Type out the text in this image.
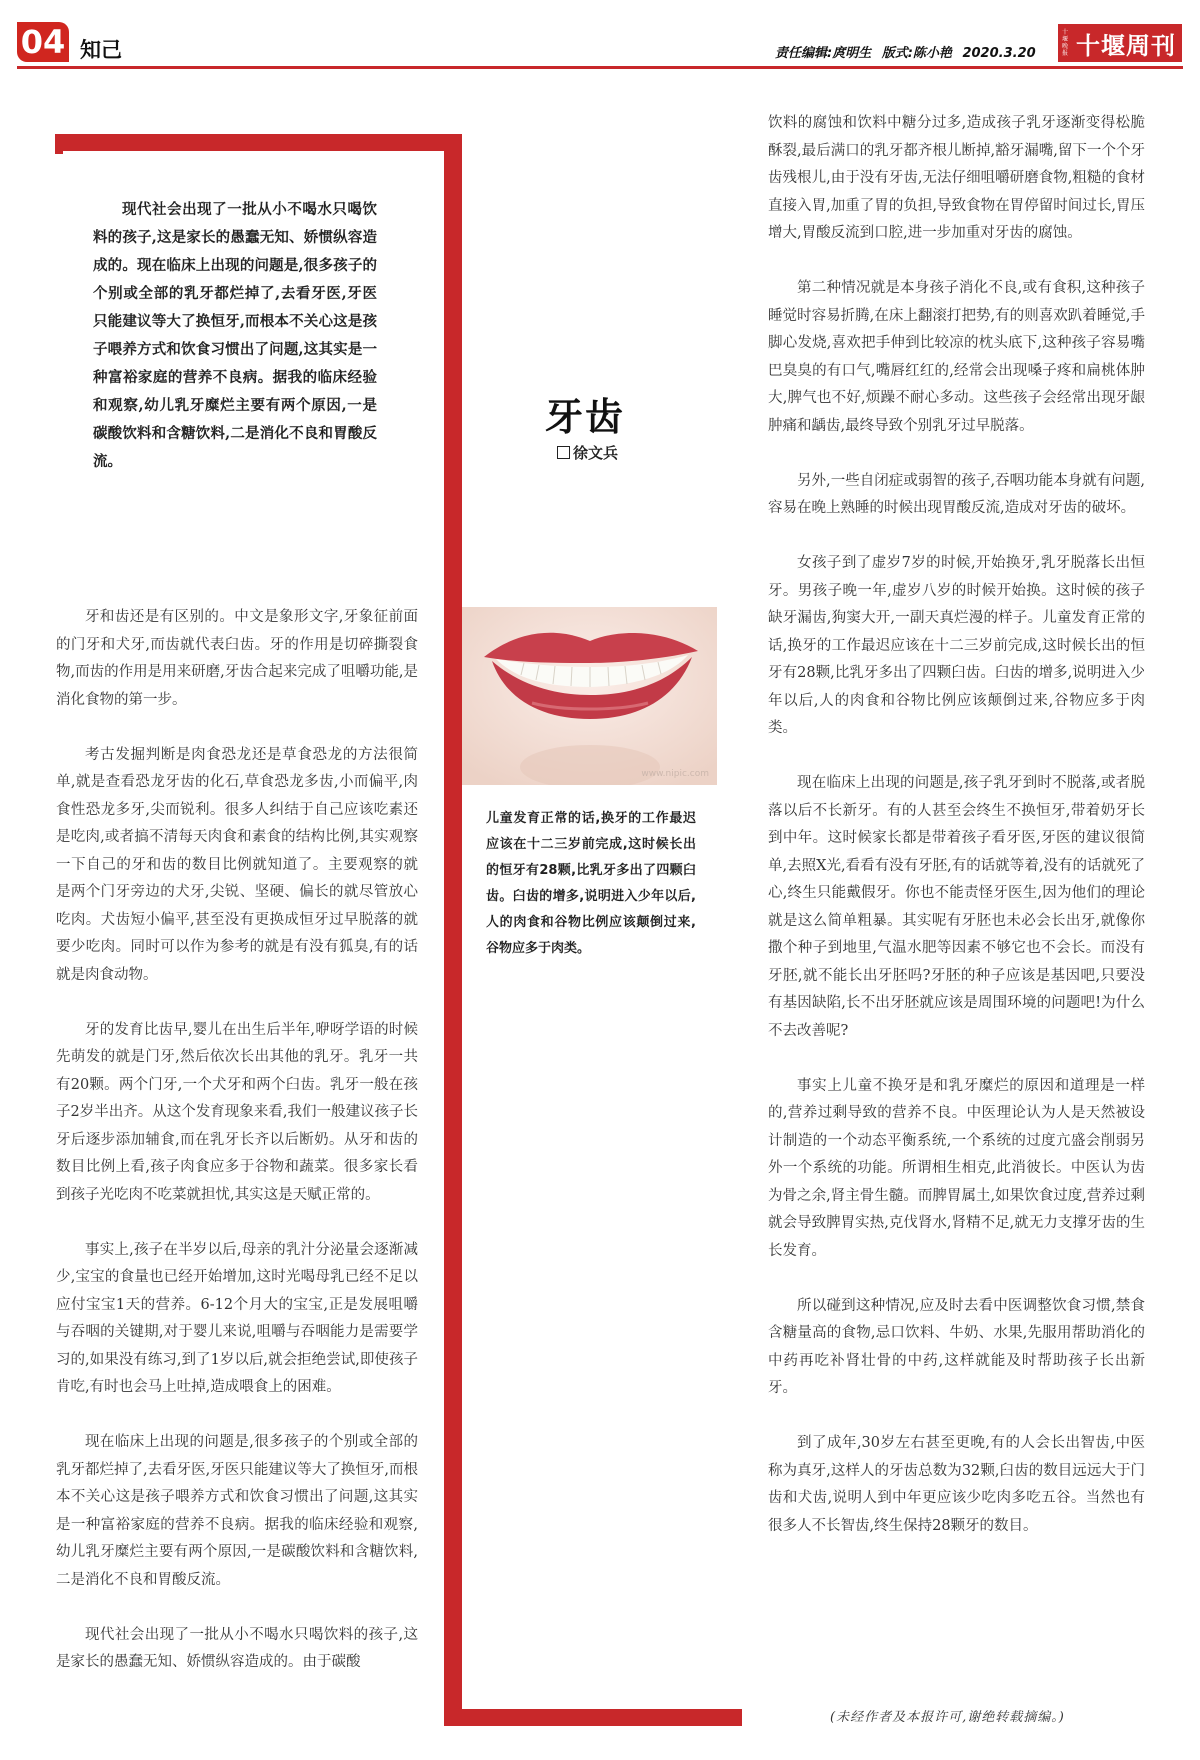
04 知己	责任编辑:庹明生 版式:陈小艳 2020.3.20
十堰晚报 十堰周刊

现代社会出现了一批从小不喝水只喝饮料的孩子,这是家长的愚蠢无知、娇惯纵容造成的。现在临床上出现的问题是,很多孩子的个别或全部的乳牙都烂掉了,去看牙医,牙医只能建议等大了换恒牙,而根本不关心这是孩子喂养方式和饮食习惯出了问题,这其实是一种富裕家庭的营养不良病。据我的临床经验和观察,幼儿乳牙糜烂主要有两个原因,一是碳酸饮料和含糖饮料,二是消化不良和胃酸反流。

牙齿
徐文兵
www.nipic.com

儿童发育正常的话,换牙的工作最迟应该在十二三岁前完成,这时候长出的恒牙有28颗,比乳牙多出了四颗臼齿。臼齿的增多,说明进入少年以后,人的肉食和谷物比例应该颠倒过来,谷物应多于肉类。

牙和齿还是有区别的。中文是象形文字,牙象征前面的门牙和犬牙,而齿就代表臼齿。牙的作用是切碎撕裂食物,而齿的作用是用来研磨,牙齿合起来完成了咀嚼功能,是消化食物的第一步。

考古发掘判断是肉食恐龙还是草食恐龙的方法很简单,就是查看恐龙牙齿的化石,草食恐龙多齿,小而偏平,肉食性恐龙多牙,尖而锐利。很多人纠结于自己应该吃素还是吃肉,或者搞不清每天肉食和素食的结构比例,其实观察一下自己的牙和齿的数目比例就知道了。主要观察的就是两个门牙旁边的犬牙,尖锐、坚硬、偏长的就尽管放心吃肉。犬齿短小偏平,甚至没有更换成恒牙过早脱落的就要少吃肉。同时可以作为参考的就是有没有狐臭,有的话就是肉食动物。

牙的发育比齿早,婴儿在出生后半年,咿呀学语的时候先萌发的就是门牙,然后依次长出其他的乳牙。乳牙一共有20颗。两个门牙,一个犬牙和两个臼齿。乳牙一般在孩子2岁半出齐。从这个发育现象来看,我们一般建议孩子长牙后逐步添加辅食,而在乳牙长齐以后断奶。从牙和齿的数目比例上看,孩子肉食应多于谷物和蔬菜。很多家长看到孩子光吃肉不吃菜就担忧,其实这是天赋正常的。

事实上,孩子在半岁以后,母亲的乳汁分泌量会逐渐减少,宝宝的食量也已经开始增加,这时光喝母乳已经不足以应付宝宝1天的营养。6-12个月大的宝宝,正是发展咀嚼与吞咽的关键期,对于婴儿来说,咀嚼与吞咽能力是需要学习的,如果没有练习,到了1岁以后,就会拒绝尝试,即使孩子肯吃,有时也会马上吐掉,造成喂食上的困难。

现在临床上出现的问题是,很多孩子的个别或全部的乳牙都烂掉了,去看牙医,牙医只能建议等大了换恒牙,而根本不关心这是孩子喂养方式和饮食习惯出了问题,这其实是一种富裕家庭的营养不良病。据我的临床经验和观察,幼儿乳牙糜烂主要有两个原因,一是碳酸饮料和含糖饮料,二是消化不良和胃酸反流。

现代社会出现了一批从小不喝水只喝饮料的孩子,这是家长的愚蠢无知、娇惯纵容造成的。由于碳酸

饮料的腐蚀和饮料中糖分过多,造成孩子乳牙逐渐变得松脆酥裂,最后满口的乳牙都齐根儿断掉,豁牙漏嘴,留下一个个牙齿残根儿,由于没有牙齿,无法仔细咀嚼研磨食物,粗糙的食材直接入胃,加重了胃的负担,导致食物在胃停留时间过长,胃压增大,胃酸反流到口腔,进一步加重对牙齿的腐蚀。

第二种情况就是本身孩子消化不良,或有食积,这种孩子睡觉时容易折腾,在床上翻滚打把势,有的则喜欢趴着睡觉,手脚心发烧,喜欢把手伸到比较凉的枕头底下,这种孩子容易嘴巴臭臭的有口气,嘴唇红红的,经常会出现嗓子疼和扁桃体肿大,脾气也不好,烦躁不耐心多动。这些孩子会经常出现牙龈肿痛和龋齿,最终导致个别乳牙过早脱落。

另外,一些自闭症或弱智的孩子,吞咽功能本身就有问题,容易在晚上熟睡的时候出现胃酸反流,造成对牙齿的破坏。

女孩子到了虚岁7岁的时候,开始换牙,乳牙脱落长出恒牙。男孩子晚一年,虚岁八岁的时候开始换。这时候的孩子缺牙漏齿,狗窦大开,一副天真烂漫的样子。儿童发育正常的话,换牙的工作最迟应该在十二三岁前完成,这时候长出的恒牙有28颗,比乳牙多出了四颗臼齿。臼齿的增多,说明进入少年以后,人的肉食和谷物比例应该颠倒过来,谷物应多于肉类。

现在临床上出现的问题是,孩子乳牙到时不脱落,或者脱落以后不长新牙。有的人甚至会终生不换恒牙,带着奶牙长到中年。这时候家长都是带着孩子看牙医,牙医的建议很简单,去照X光,看看有没有牙胚,有的话就等着,没有的话就死了心,终生只能戴假牙。你也不能责怪牙医生,因为他们的理论就是这么简单粗暴。其实呢有牙胚也未必会长出牙,就像你撒个种子到地里,气温水肥等因素不够它也不会长。而没有牙胚,就不能长出牙胚吗?牙胚的种子应该是基因吧,只要没有基因缺陷,长不出牙胚就应该是周围环境的问题吧!为什么不去改善呢?

事实上儿童不换牙是和乳牙糜烂的原因和道理是一样的,营养过剩导致的营养不良。中医理论认为人是天然被设计制造的一个动态平衡系统,一个系统的过度亢盛会削弱另外一个系统的功能。所谓相生相克,此消彼长。中医认为齿为骨之余,肾主骨生髓。而脾胃属土,如果饮食过度,营养过剩就会导致脾胃实热,克伐肾水,肾精不足,就无力支撑牙齿的生长发育。

所以碰到这种情况,应及时去看中医调整饮食习惯,禁食含糖量高的食物,忌口饮料、牛奶、水果,先服用帮助消化的中药再吃补肾壮骨的中药,这样就能及时帮助孩子长出新牙。

到了成年,30岁左右甚至更晚,有的人会长出智齿,中医称为真牙,这样人的牙齿总数为32颗,臼齿的数目远远大于门齿和犬齿,说明人到中年更应该少吃肉多吃五谷。当然也有很多人不长智齿,终生保持28颗牙的数目。

(未经作者及本报许可,谢绝转载摘编。)
